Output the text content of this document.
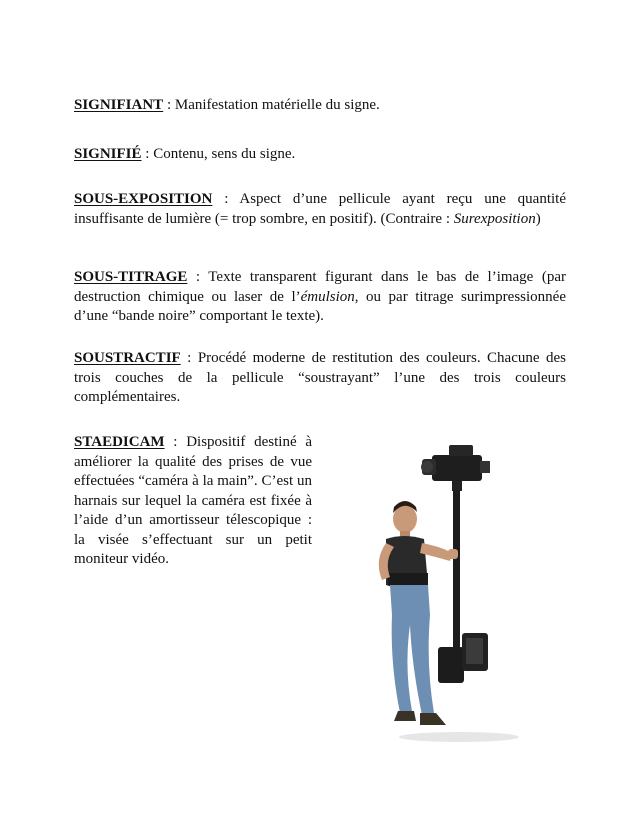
SIGNIFIANT : Manifestation matérielle du signe.

SIGNIFIÉ : Contenu, sens du signe.

SOUS-EXPOSITION : Aspect d’une pellicule ayant reçu une quantité insuffisante de lumière (= trop sombre, en positif). (Contraire : Surexposition)

SOUS-TITRAGE : Texte transparent figurant dans le bas de l’image (par destruction chimique ou laser de l’émulsion, ou par titrage surimpressionnée d’une “bande noire” comportant le texte).

SOUSTRACTIF : Procédé moderne de restitution des couleurs. Chacune des trois couches de la pellicule “soustrayant” l’une des trois couleurs complémentaires.

STAEDICAM : Dispositif destiné à améliorer la qualité des prises de vue effectuées “caméra à la main”. C’est un harnais sur lequel la caméra est fixée à l’aide d’un amortisseur télescopique : la visée s’effectuant sur un petit moniteur vidéo.
